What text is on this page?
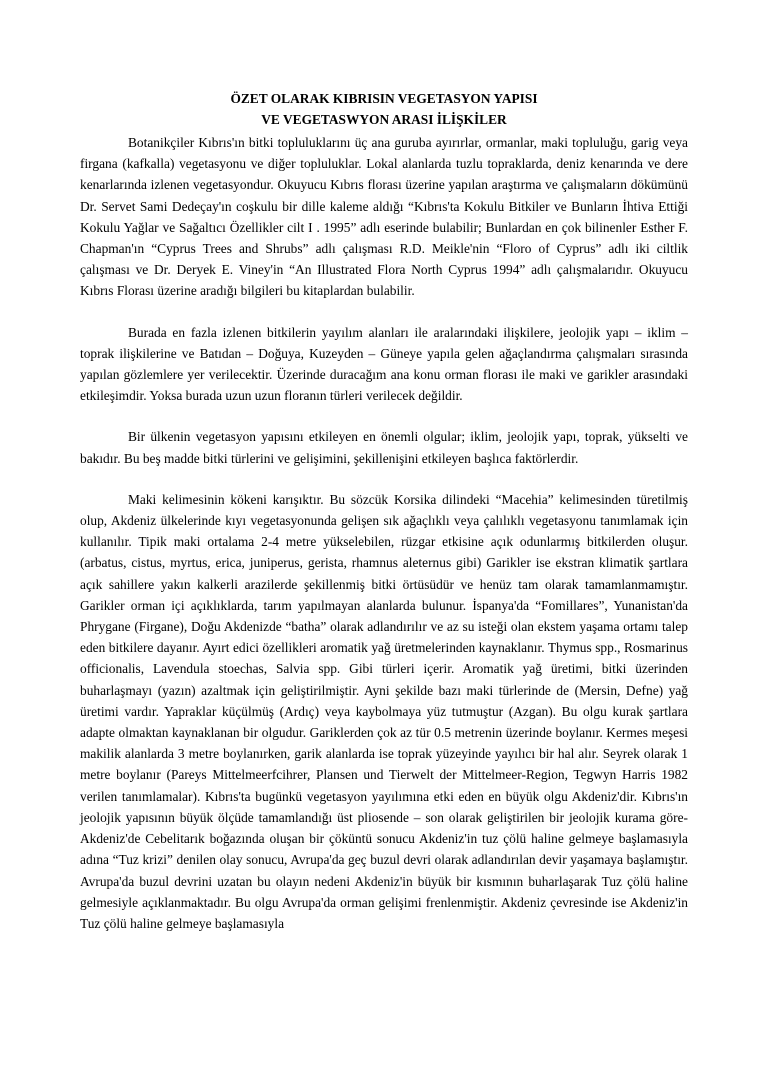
ÖZET OLARAK KIBRISIN VEGETASYON YAPISI
VE VEGETASWYON ARASI İLİŞKİLER

Botanikçiler Kıbrıs'ın bitki topluluklarını üç ana guruba ayırırlar, ormanlar, maki topluluğu, garig veya firgana (kafkalla) vegetasyonu ve diğer topluluklar. Lokal alanlarda tuzlu topraklarda, deniz kenarında ve dere kenarlarında izlenen vegetasyondur. Okuyucu Kıbrıs florası üzerine yapılan araştırma ve çalışmaların dökümünü Dr. Servet Sami Dedeçay'ın coşkulu bir dille kaleme aldığı “Kıbrıs'ta Kokulu Bitkiler ve Bunların İhtiva Ettiği Kokulu Yağlar ve Sağaltıcı Özellikler cilt I . 1995” adlı eserinde bulabilir; Bunlardan en çok bilinenler Esther F. Chapman'ın “Cyprus Trees and Shrubs” adlı çalışması R.D. Meikle'nin “Floro of Cyprus” adlı iki ciltlik çalışması ve Dr. Deryek E. Viney'in “An Illustrated Flora North Cyprus 1994” adlı çalışmalarıdır. Okuyucu Kıbrıs Florası üzerine aradığı bilgileri bu kitaplardan bulabilir.

Burada en fazla izlenen bitkilerin yayılım alanları ile aralarındaki ilişkilere, jeolojik yapı – iklim – toprak ilişkilerine ve Batıdan – Doğuya, Kuzeyden – Güneye yapıla gelen ağaçlandırma çalışmaları sırasında yapılan gözlemlere yer verilecektir. Üzerinde duracağım ana konu orman florası ile maki ve garikler arasındaki etkileşimdir. Yoksa burada uzun uzun floranın türleri verilecek değildir.

Bir ülkenin vegetasyon yapısını etkileyen en önemli olgular; iklim, jeolojik yapı, toprak, yükselti ve bakıdır. Bu beş madde bitki türlerini ve gelişimini, şekillenişini etkileyen başlıca faktörlerdir.

Maki kelimesinin kökeni karışıktır. Bu sözcük Korsika dilindeki “Macehia” kelimesinden türetilmiş olup, Akdeniz ülkelerinde kıyı vegetasyonunda gelişen sık ağaçlıklı veya çalılıklı vegetasyonu tanımlamak için kullanılır. Tipik maki ortalama 2-4 metre yükselebilen, rüzgar etkisine açık odunlarmış bitkilerden oluşur. (arbatus, cistus, myrtus, erica, juniperus, gerista, rhamnus aleternus gibi) Garikler ise ekstran klimatik şartlara açık sahillere yakın kalkerli arazilerde şekillenmiş bitki örtüsüdür ve henüz tam olarak tamamlanmamıştır. Garikler orman içi açıklıklarda, tarım yapılmayan alanlarda bulunur. İspanya'da “Fomillares”, Yunanistan'da Phrygane (Firgane), Doğu Akdenizde “batha” olarak adlandırılır ve az su isteği olan ekstem yaşama ortamı talep eden bitkilere dayanır. Ayırt edici özellikleri aromatik yağ üretmelerinden kaynaklanır. Thymus spp., Rosmarinus officionalis, Lavendula stoechas, Salvia spp. Gibi türleri içerir. Aromatik yağ üretimi, bitki üzerinden buharlaşmayı (yazın) azaltmak için geliştirilmiştir. Ayni şekilde bazı maki türlerinde de (Mersin, Defne) yağ üretimi vardır. Yapraklar küçülmüş (Ardıç) veya kaybolmaya yüz tutmuştur (Azgan). Bu olgu kurak şartlara adapte olmaktan kaynaklanan bir olgudur. Gariklerden çok az tür 0.5 metrenin üzerinde boylanır. Kermes meşesi makilik alanlarda 3 metre boylanırken, garik alanlarda ise toprak yüzeyinde yayılıcı bir hal alır. Seyrek olarak 1 metre boylanır (Pareys Mittelmeerfcihrer, Plansen und Tierwelt der Mittelmeer-Region, Tegwyn Harris 1982 verilen tanımlamalar). Kıbrıs'ta bugünkü vegetasyon yayılımına etki eden en büyük olgu Akdeniz'dir. Kıbrıs'ın jeolojik yapısının büyük ölçüde tamamlandığı üst pliosende – son olarak geliştirilen bir jeolojik kurama göre- Akdeniz'de Cebelitarık boğazında oluşan bir çöküntü sonucu Akdeniz'in tuz çölü haline gelmeye başlamasıyla adına “Tuz krizi” denilen olay sonucu, Avrupa'da geç buzul devri olarak adlandırılan devir yaşamaya başlamıştır. Avrupa'da buzul devrini uzatan bu olayın nedeni Akdeniz'in büyük bir kısmının buharlaşarak Tuz çölü haline gelmesiyle açıklanmaktadır. Bu olgu Avrupa'da orman gelişimi frenlenmiştir. Akdeniz çevresinde ise Akdeniz'in Tuz çölü haline gelmeye başlamasıyla
